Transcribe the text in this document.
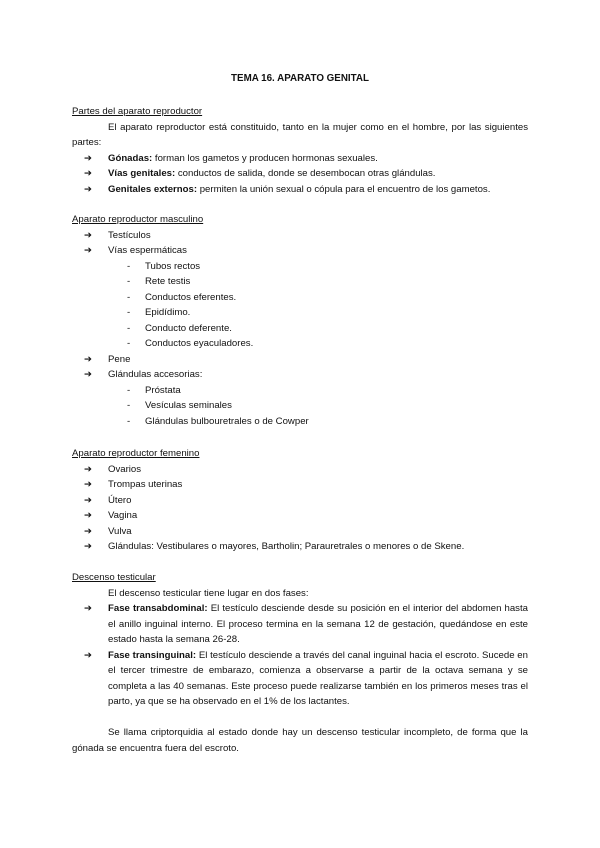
TEMA 16. APARATO GENITAL
Partes del aparato reproductor
El aparato reproductor está constituido, tanto en la mujer como en el hombre, por las siguientes partes:
➔ Gónadas: forman los gametos y producen hormonas sexuales.
➔ Vías genitales: conductos de salida, donde se desembocan otras glándulas.
➔ Genitales externos: permiten la unión sexual o cópula para el encuentro de los gametos.
Aparato reproductor masculino
➔ Testículos
➔ Vías espermáticas
- Tubos rectos
- Rete testis
- Conductos eferentes.
- Epidídimo.
- Conducto deferente.
- Conductos eyaculadores.
➔ Pene
➔ Glándulas accesorias:
- Próstata
- Vesículas seminales
- Glándulas bulbouretrales o de Cowper
Aparato reproductor femenino
➔ Ovarios
➔ Trompas uterinas
➔ Útero
➔ Vagina
➔ Vulva
➔ Glándulas: Vestibulares o mayores, Bartholin; Parauretrales o menores o de Skene.
Descenso testicular
El descenso testicular tiene lugar en dos fases:
➔ Fase transabdominal: El testículo desciende desde su posición en el interior del abdomen hasta el anillo inguinal interno. El proceso termina en la semana 12 de gestación, quedándose en este estado hasta la semana 26-28.
➔ Fase transinguinal: El testículo desciende a través del canal inguinal hacia el escroto. Sucede en el tercer trimestre de embarazo, comienza a observarse a partir de la octava semana y se completa a las 40 semanas. Este proceso puede realizarse también en los primeros meses tras el parto, ya que se ha observado en el 1% de los lactantes.
Se llama criptorquidia al estado donde hay un descenso testicular incompleto, de forma que la gónada se encuentra fuera del escroto.
